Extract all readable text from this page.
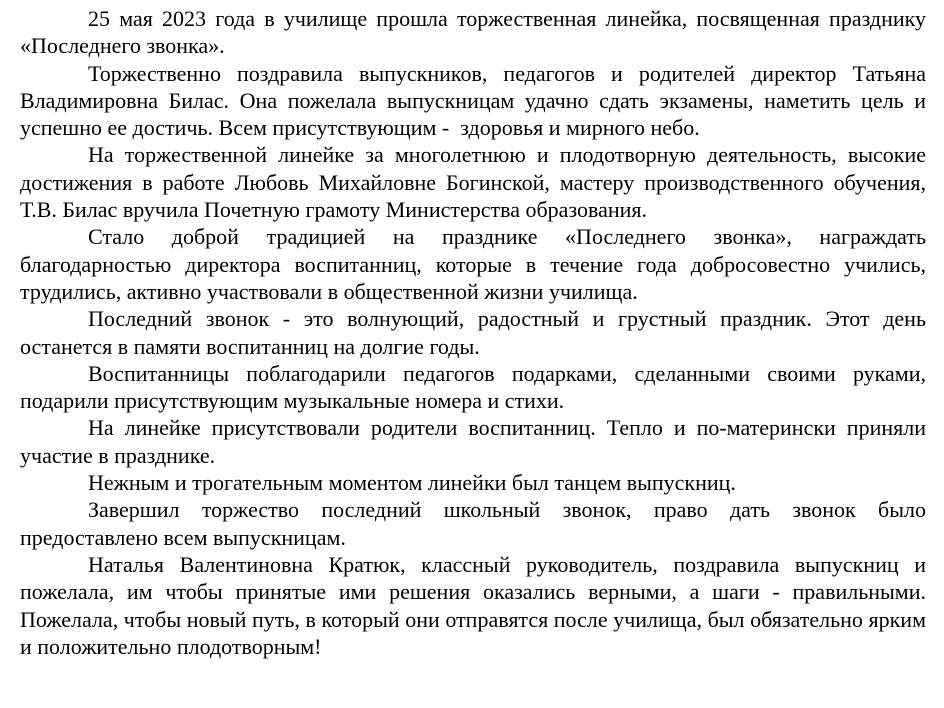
25 мая 2023 года в училище прошла торжественная линейка, посвященная празднику «Последнего звонка».

Торжественно поздравила выпускников, педагогов и родителей директор Татьяна Владимировна Билас. Она пожелала выпускницам удачно сдать экзамены, наметить цель и успешно ее достичь. Всем присутствующим -  здоровья и мирного небо.

На торжественной линейке за многолетнюю и плодотворную деятельность, высокие достижения в работе Любовь Михайловне Богинской, мастеру производственного обучения, Т.В. Билас вручила Почетную грамоту Министерства образования.

Стало доброй традицией на празднике «Последнего звонка», награждать благодарностью директора воспитанниц, которые в течение года добросовестно учились, трудились, активно участвовали в общественной жизни училища.

Последний звонок - это волнующий, радостный и грустный праздник. Этот день останется в памяти воспитанниц на долгие годы.

Воспитанницы поблагодарили педагогов подарками, сделанными своими руками, подарили присутствующим музыкальные номера и стихи.

На линейке присутствовали родители воспитанниц. Тепло и по-матерински приняли участие в празднике.

Нежным и трогательным моментом линейки был танцем выпускниц.

Завершил торжество последний школьный звонок, право дать звонок было предоставлено всем выпускницам.

Наталья Валентиновна Кратюк, классный руководитель, поздравила выпускниц и пожелала, им чтобы принятые ими решения оказались верными, а шаги - правильными. Пожелала, чтобы новый путь, в который они отправятся после училища, был обязательно ярким и положительно плодотворным!
